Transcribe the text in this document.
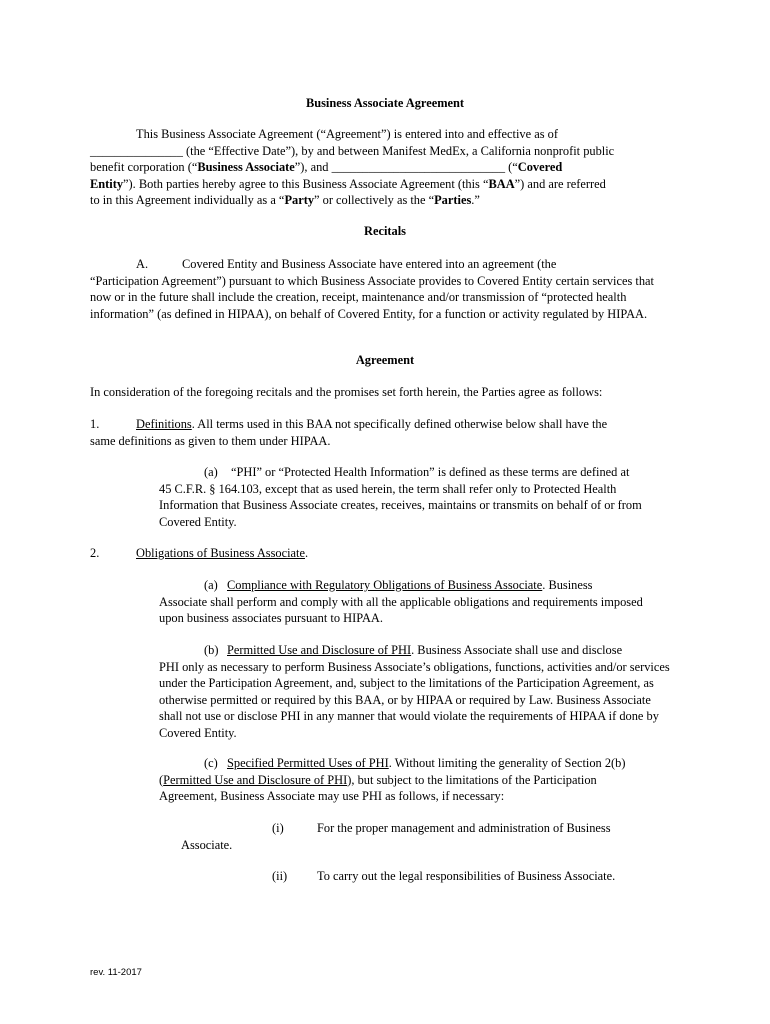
Business Associate Agreement
This Business Associate Agreement (“Agreement”) is entered into and effective as of
_______________ (the “Effective Date”), by and between Manifest MedEx, a California nonprofit public
benefit corporation (“Business Associate”), and ____________________________ (“Covered
Entity”). Both parties hereby agree to this Business Associate Agreement (this “BAA”) and are referred
to in this Agreement individually as a “Party” or collectively as the “Parties.”
Recitals
A.	Covered Entity and Business Associate have entered into an agreement (the
“Participation Agreement”) pursuant to which Business Associate provides to Covered Entity certain services that now or in the future shall include the creation, receipt, maintenance and/or transmission of “protected health information” (as defined in HIPAA), on behalf of Covered Entity, for a function or activity regulated by HIPAA.
Agreement
In consideration of the foregoing recitals and the promises set forth herein, the Parties agree as follows:
1.	Definitions. All terms used in this BAA not specifically defined otherwise below shall have the
same definitions as given to them under HIPAA.
(a) “PHI” or “Protected Health Information” is defined as these terms are defined at
45 C.F.R. § 164.103, except that as used herein, the term shall refer only to Protected Health Information that Business Associate creates, receives, maintains or transmits on behalf of or from Covered Entity.
2.	Obligations of Business Associate.
(a) Compliance with Regulatory Obligations of Business Associate. Business
Associate shall perform and comply with all the applicable obligations and requirements imposed upon business associates pursuant to HIPAA.
(b) Permitted Use and Disclosure of PHI. Business Associate shall use and disclose
PHI only as necessary to perform Business Associate’s obligations, functions, activities and/or services under the Participation Agreement, and, subject to the limitations of the Participation Agreement, as otherwise permitted or required by this BAA, or by HIPAA or required by Law. Business Associate shall not use or disclose PHI in any manner that would violate the requirements of HIPAA if done by Covered Entity.
(c) Specified Permitted Uses of PHI. Without limiting the generality of Section 2(b)
(Permitted Use and Disclosure of PHI), but subject to the limitations of the Participation
Agreement, Business Associate may use PHI as follows, if necessary:
(i)	For the proper management and administration of Business
Associate.
(ii) To carry out the legal responsibilities of Business Associate.
rev. 11-2017
